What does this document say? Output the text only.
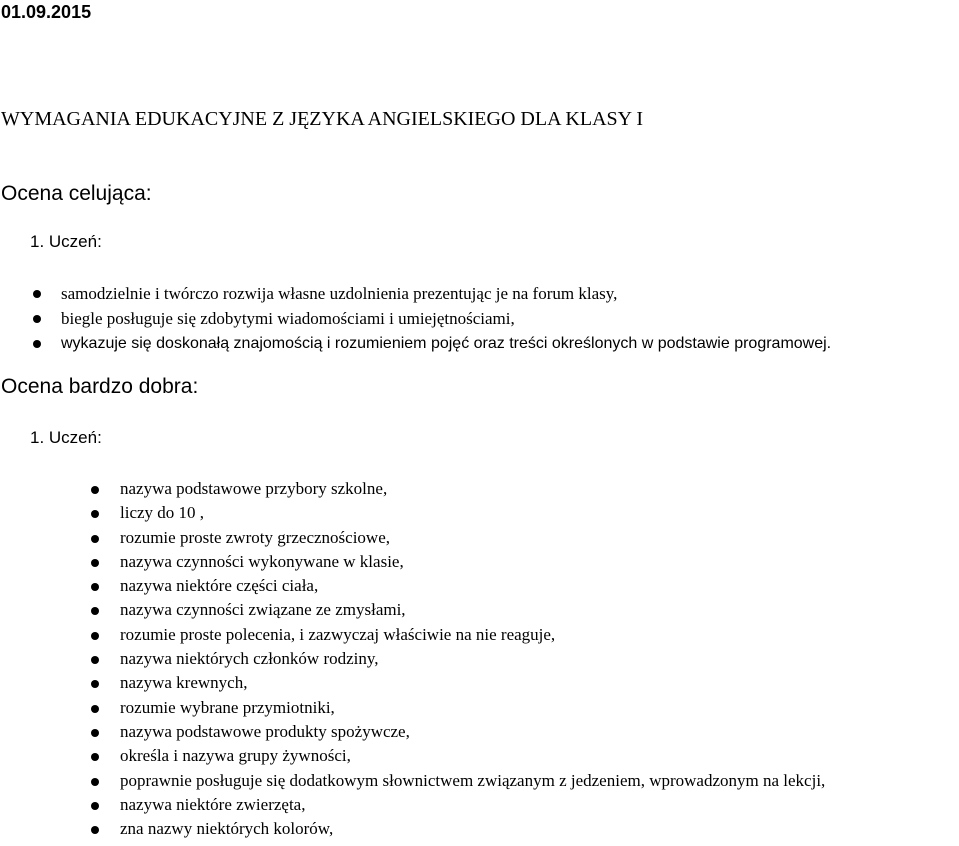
01.09.2015
WYMAGANIA EDUKACYJNE Z JĘZYKA ANGIELSKIEGO DLA KLASY I
Ocena celująca:
1. Uczeń:
samodzielnie i twórczo rozwija własne uzdolnienia prezentując je na forum klasy,
biegle posługuje się zdobytymi wiadomościami i umiejętnościami,
wykazuje się doskonałą znajomością i rozumieniem pojęć oraz treści określonych w podstawie programowej.
Ocena bardzo dobra:
1. Uczeń:
nazywa podstawowe przybory szkolne,
liczy do 10 ,
rozumie proste zwroty grzecznościowe,
nazywa czynności wykonywane w klasie,
nazywa niektóre części ciała,
nazywa czynności związane ze zmysłami,
rozumie proste polecenia, i zazwyczaj właściwie na nie reaguje,
nazywa niektórych członków rodziny,
nazywa krewnych,
rozumie wybrane przymiotniki,
nazywa podstawowe produkty spożywcze,
określa i nazywa grupy żywności,
poprawnie posługuje się dodatkowym słownictwem związanym z jedzeniem, wprowadzonym na lekcji,
nazywa niektóre zwierzęta,
zna nazwy niektórych kolorów,
